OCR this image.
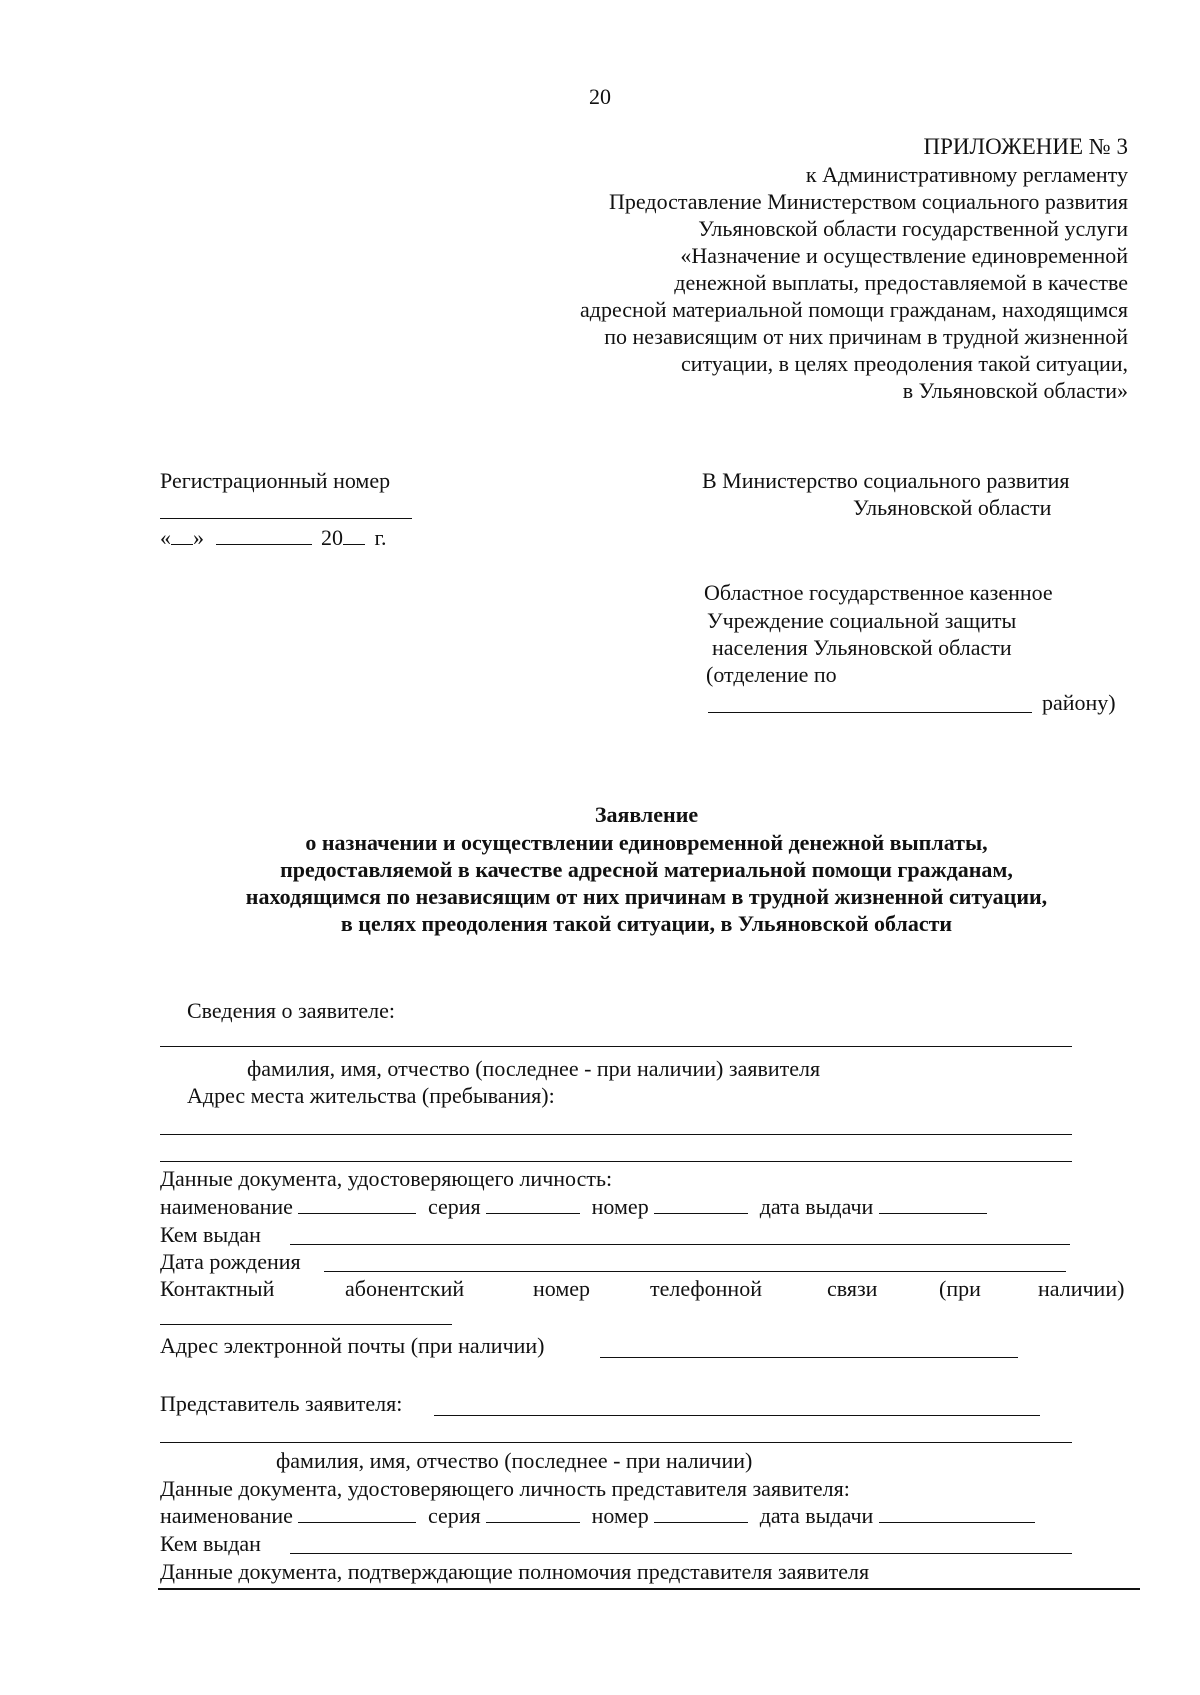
20
ПРИЛОЖЕНИЕ № 3
к Административному регламенту
Предоставление Министерством социального развития
Ульяновской области государственной услуги
«Назначение и осуществление единовременной
денежной выплаты, предоставляемой в качестве
адресной материальной помощи гражданам, находящимся
по независящим от них причинам в трудной жизненной
ситуации, в целях преодоления такой ситуации,
в Ульяновской области»
Регистрационный номер
« »	20 г.
В Министерство социального развития
Ульяновской области
Областное государственное казенное
Учреждение социальной защиты
населения Ульяновской области
(отделение по
району)
Заявление
о назначении и осуществлении единовременной денежной выплаты,
предоставляемой в качестве адресной материальной помощи гражданам,
находящимся по независящим от них причинам в трудной жизненной ситуации,
в целях преодоления такой ситуации, в Ульяновской области
Сведения о заявителе:
фамилия, имя, отчество (последнее - при наличии) заявителя
Адрес места жительства (пребывания):
Данные документа, удостоверяющего личность:
наименование	серия	номер	дата выдачи
Кем выдан
Дата рождения
Контактный	абонентский	номер	телефонной	связи	(при	наличии)
Адрес электронной почты (при наличии)
Представитель заявителя:
фамилия, имя, отчество (последнее - при наличии)
Данные документа, удостоверяющего личность представителя заявителя:
наименование	серия	номер	дата выдачи
Кем выдан
Данные документа, подтверждающие полномочия представителя заявителя
